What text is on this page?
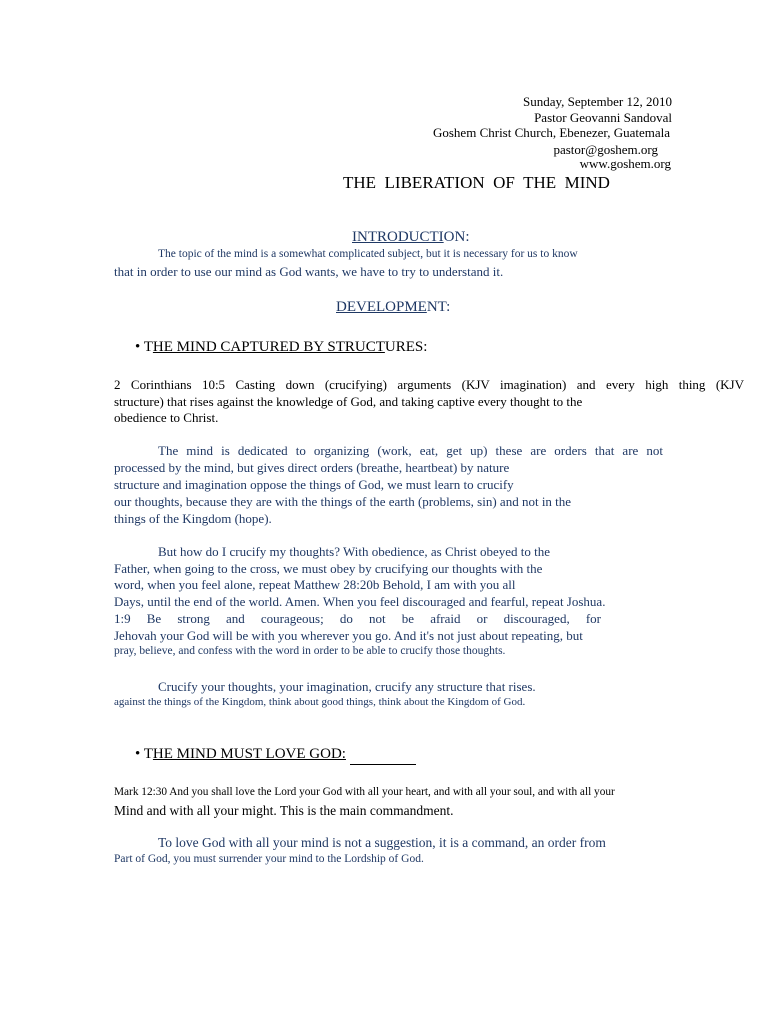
Sunday, September 12, 2010
Pastor Geovanni Sandoval
Goshem Christ Church, Ebenezer, Guatemala
pastor@goshem.org
www.goshem.org
THE  LIBERATION  OF  THE  MIND
INTRODUCTION:
The topic of the mind is a somewhat complicated subject, but it is necessary for us to know
that in order to use our mind as God wants, we have to try to understand it.
DEVELOPMENT:
• THE MIND CAPTURED BY STRUCTURES:
2 Corinthians 10:5 Casting down (crucifying) arguments (KJV imagination) and every high thing (KJV
structure) that rises against the knowledge of God, and taking captive every thought to the
obedience to Christ.
The mind is dedicated to organizing (work, eat, get up) these are orders that are not
processed by the mind, but gives direct orders (breathe, heartbeat) by nature
structure and imagination oppose the things of God, we must learn to crucify
our thoughts, because they are with the things of the earth (problems, sin) and not in the
things of the Kingdom (hope).
But how do I crucify my thoughts? With obedience, as Christ obeyed to the
Father, when going to the cross, we must obey by crucifying our thoughts with the
word, when you feel alone, repeat Matthew 28:20b Behold, I am with you all
Days, until the end of the world. Amen. When you feel discouraged and fearful, repeat Joshua.
1:9 Be strong and courageous; do not be afraid or discouraged, for
Jehovah your God will be with you wherever you go. And it's not just about repeating, but
pray, believe, and confess with the word in order to be able to crucify those thoughts.
Crucify your thoughts, your imagination, crucify any structure that rises.
against the things of the Kingdom, think about good things, think about the Kingdom of God.
• THE MIND MUST LOVE GOD:
Mark 12:30 And you shall love the Lord your God with all your heart, and with all your soul, and with all your
Mind and with all your might. This is the main commandment.
To love God with all your mind is not a suggestion, it is a command, an order from
Part of God, you must surrender your mind to the Lordship of God.
